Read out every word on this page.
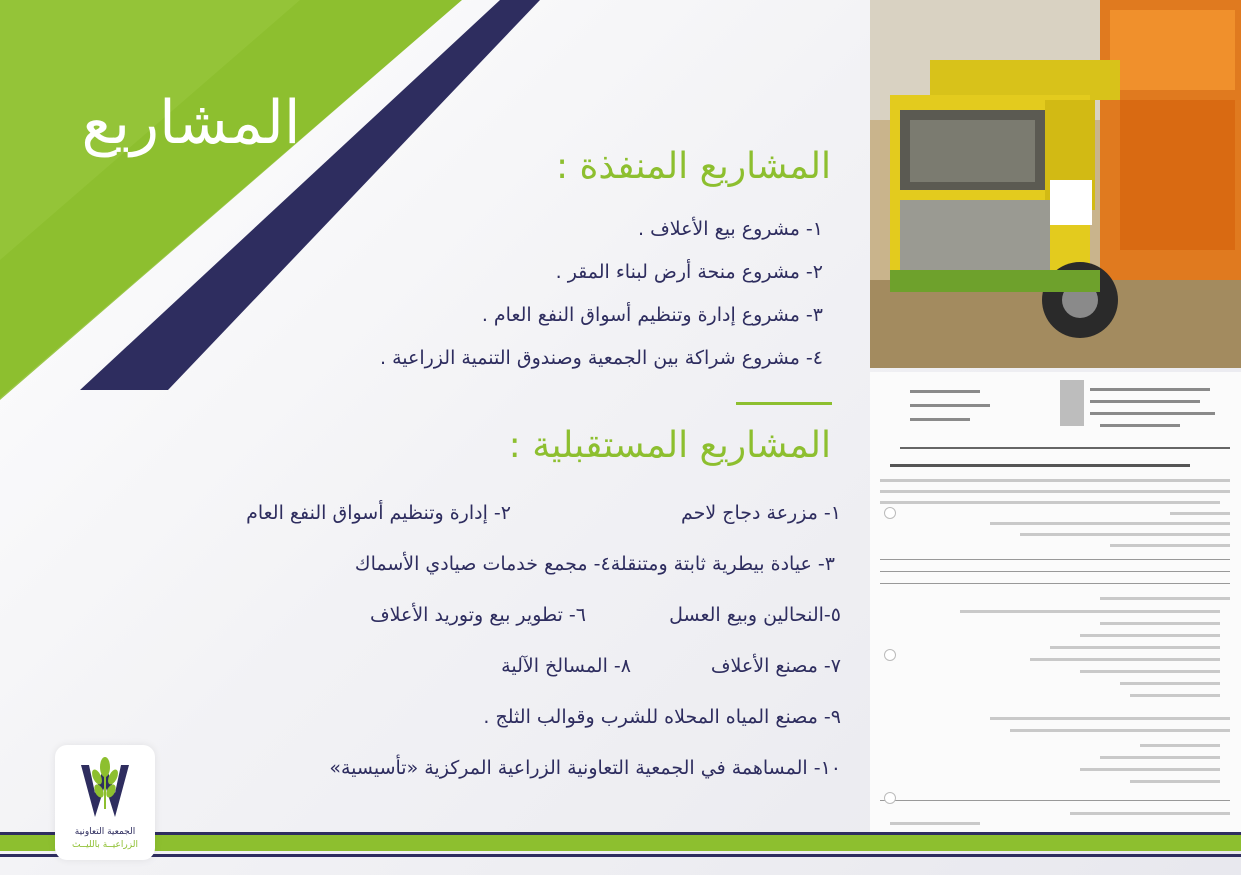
المشاريع
المشاريع المنفذة :
١- مشروع بيع الأعلاف .
٢- مشروع منحة أرض لبناء المقر .
٣- مشروع إدارة وتنظيم أسواق النفع العام .
٤- مشروع شراكة بين الجمعية وصندوق التنمية الزراعية .
المشاريع المستقبلية :
١- مزرعة دجاج لاحم
٢- إدارة وتنظيم أسواق النفع العام
٣- عيادة بيطرية ثابتة ومتنقلة
٤- مجمع خدمات صيادي الأسماك
٥-النحالين وبيع العسل
٦- تطوير بيع وتوريد الأعلاف
٧- مصنع الأعلاف
٨- المسالخ الآلية
٩- مصنع المياه المحلاه للشرب وقوالب الثلج .
١٠- المساهمة في الجمعية التعاونية الزراعية المركزية «تأسيسية»
الجمعية التعاونية
الزراعيــة بالليــث
